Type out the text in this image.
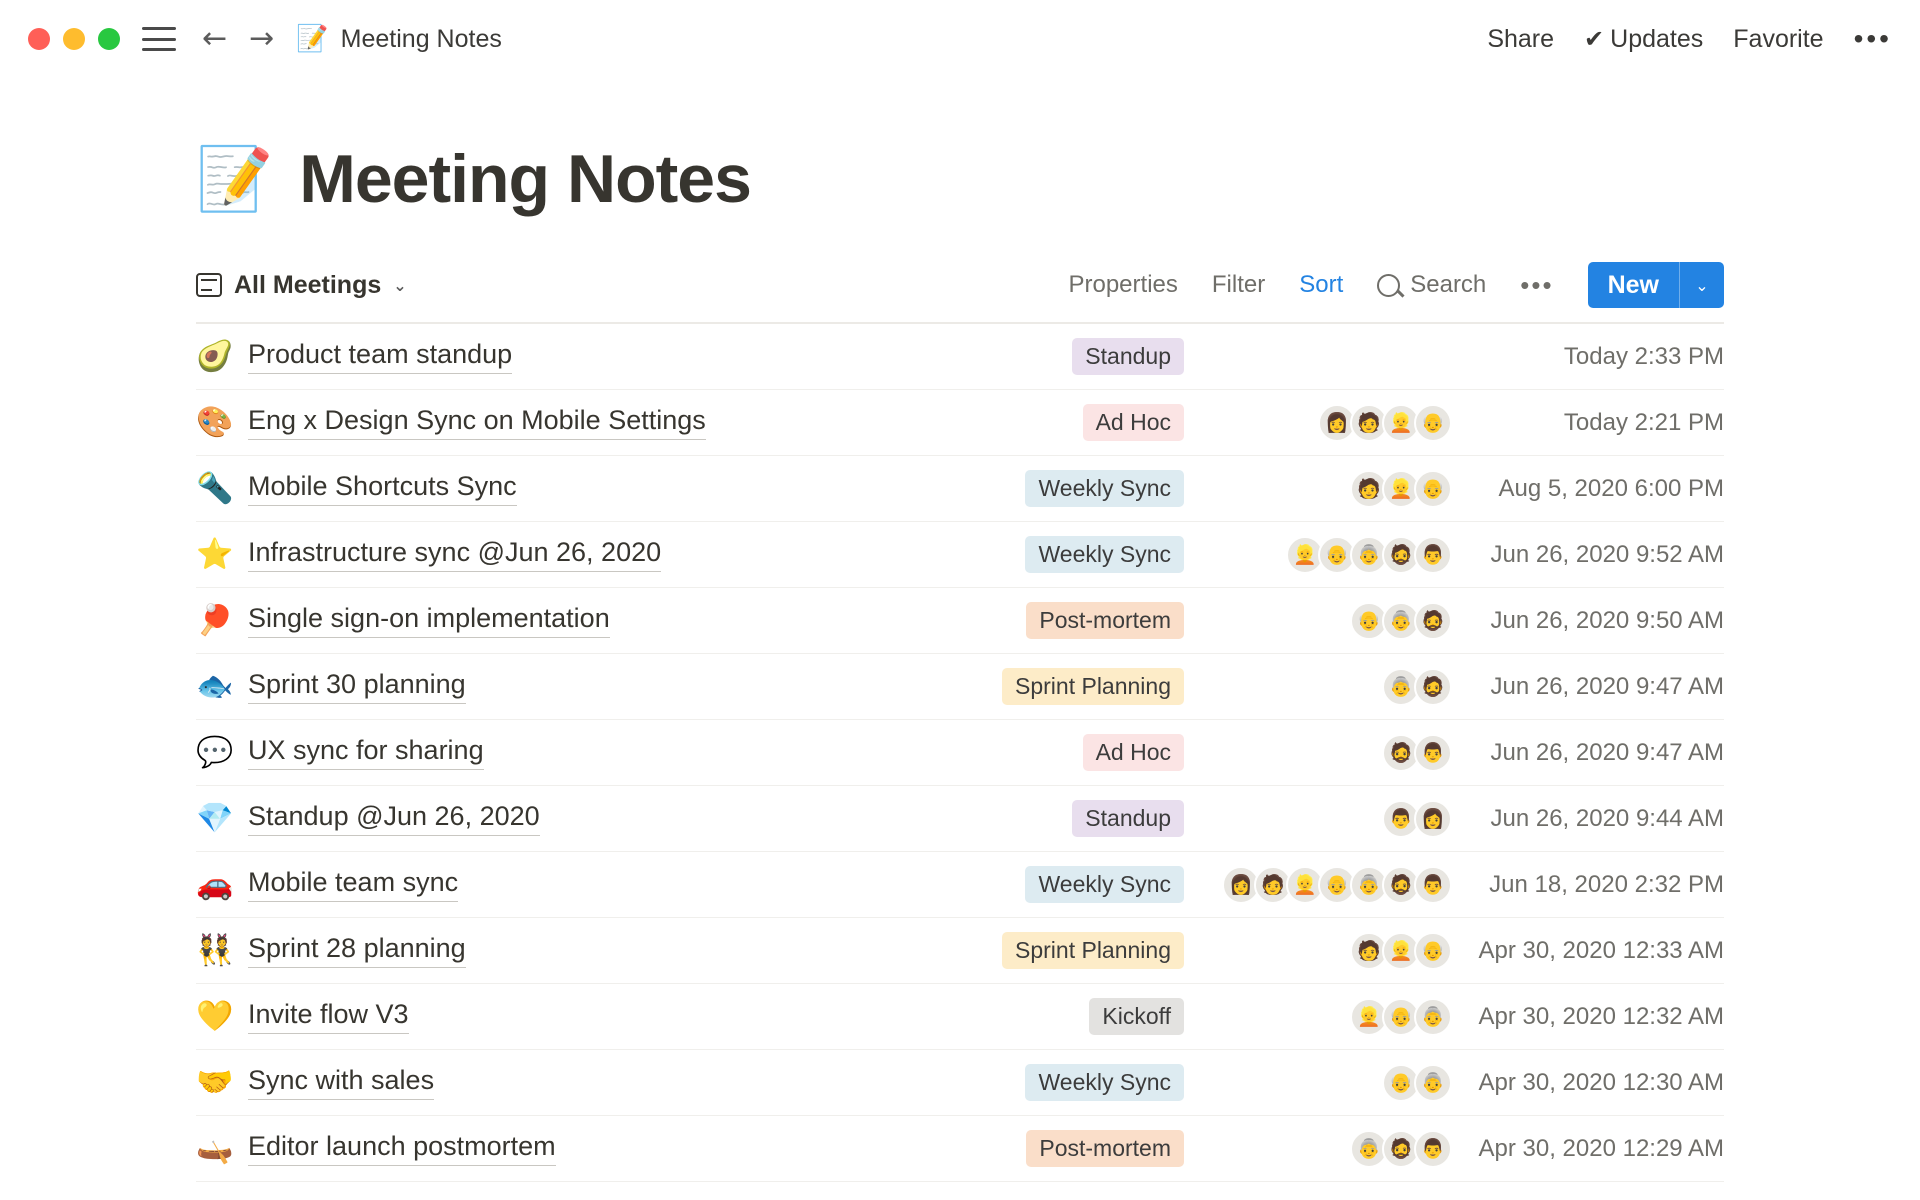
← → 📝 Meeting Notes	Share ✔ Updates Favorite •••
📝 Meeting Notes
All Meetings ⌄	Properties Filter Sort	Search •••	New	⌄
🥑 Product team standup	Standup	Today 2:33 PM
🎨 Eng x Design Sync on Mobile Settings	Ad Hoc	👩 🧑 👱 👴	Today 2:21 PM
🔦 Mobile Shortcuts Sync	Weekly Sync	🧑 👱 👴	Aug 5, 2020 6:00 PM
⭐ Infrastructure sync @Jun 26, 2020	Weekly Sync	👱 👴 👵 🧔 👨	Jun 26, 2020 9:52 AM
🏓 Single sign-on implementation	Post-mortem	👴 👵 🧔	Jun 26, 2020 9:50 AM
🐟 Sprint 30 planning	Sprint Planning	👵 🧔	Jun 26, 2020 9:47 AM
💬 UX sync for sharing	Ad Hoc	🧔 👨	Jun 26, 2020 9:47 AM
💎 Standup @Jun 26, 2020	Standup	👨 👩	Jun 26, 2020 9:44 AM
🚗 Mobile team sync	Weekly Sync	👩 🧑 👱 👴 👵 🧔 👨	Jun 18, 2020 2:32 PM
👯 Sprint 28 planning	Sprint Planning	🧑 👱 👴	Apr 30, 2020 12:33 AM
💛 Invite flow V3	Kickoff	👱 👴 👵	Apr 30, 2020 12:32 AM
🤝 Sync with sales	Weekly Sync	👴 👵	Apr 30, 2020 12:30 AM
🛶 Editor launch postmortem	Post-mortem	👵 🧔 👨	Apr 30, 2020 12:29 AM
